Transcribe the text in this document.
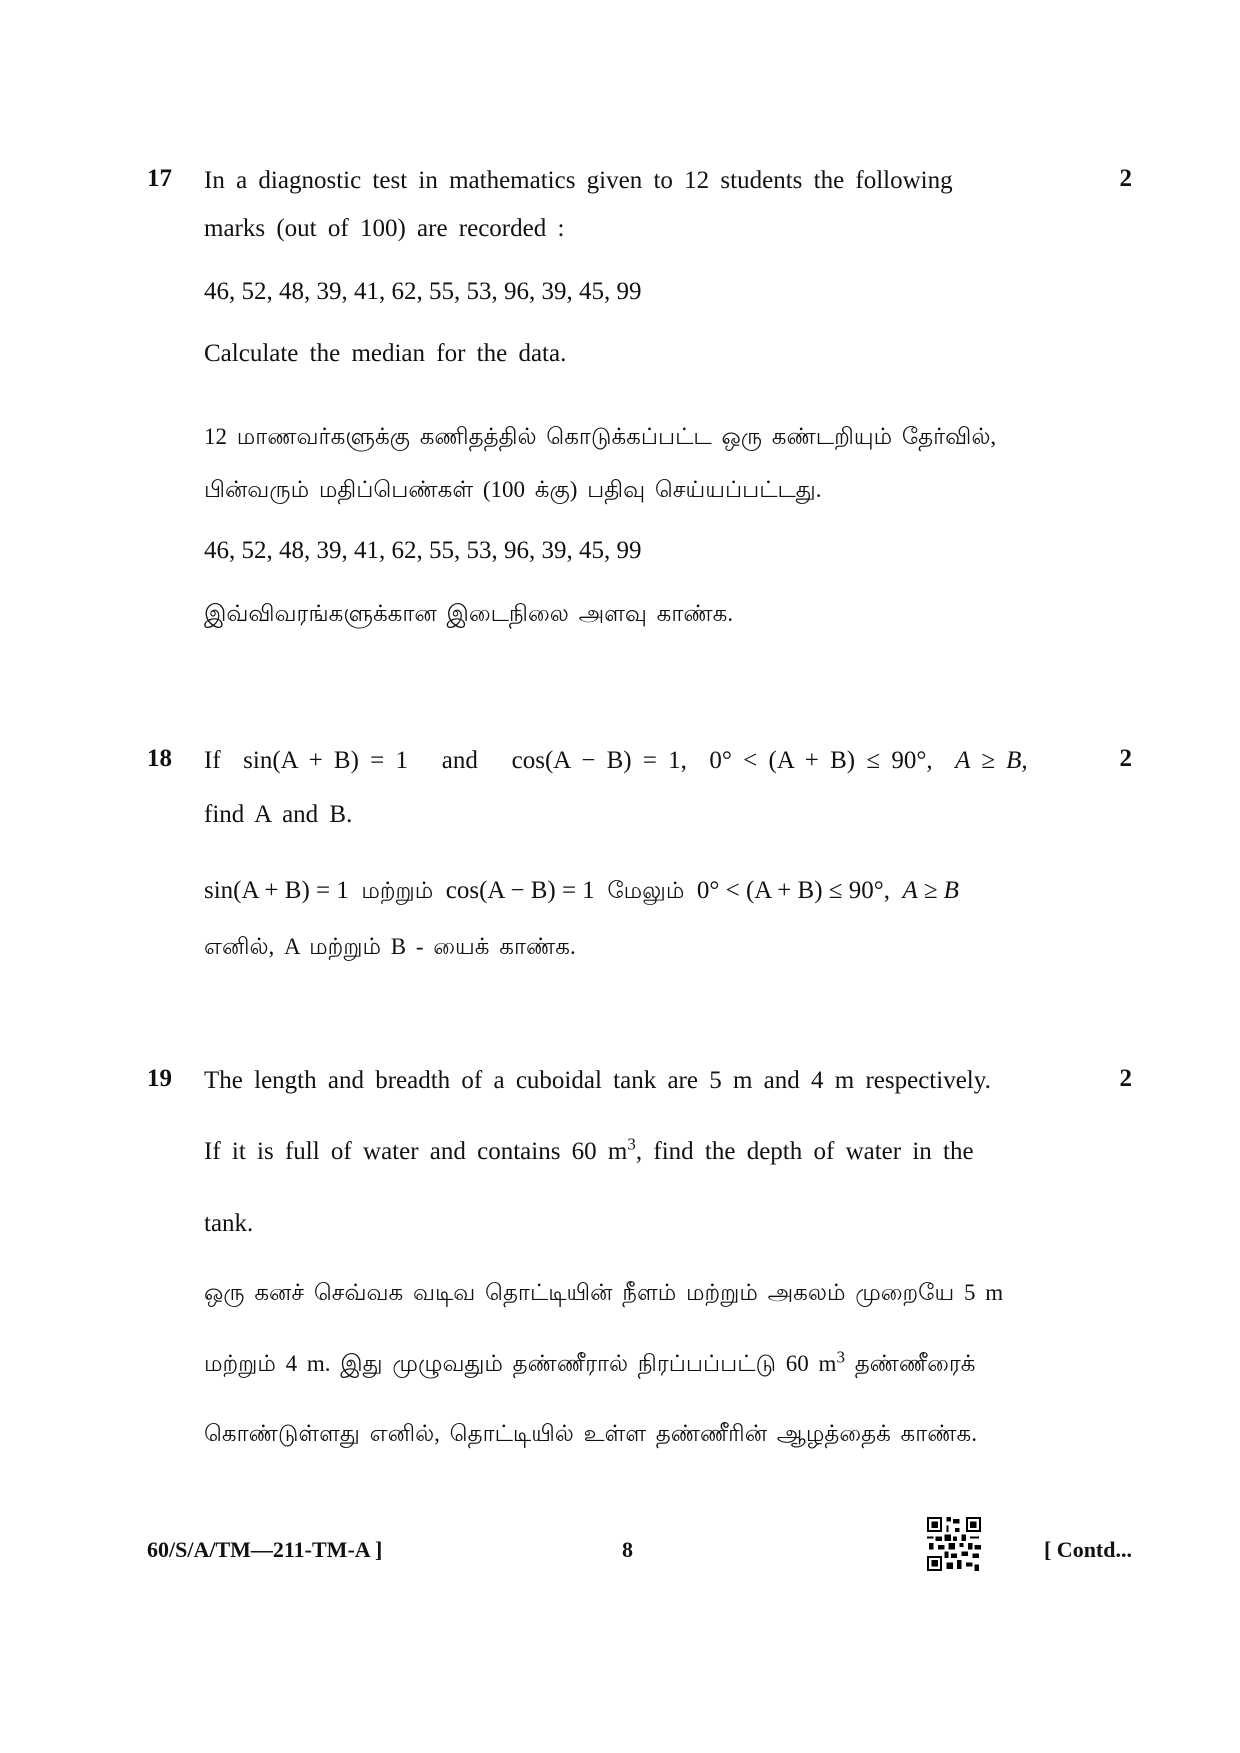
17	2
In a diagnostic test in mathematics given to 12 students the following
marks (out of 100) are recorded :
46, 52, 48, 39, 41, 62, 55, 53, 96, 39, 45, 99
Calculate the median for the data.
12 மாணவர்களுக்கு கணிதத்தில் கொடுக்கப்பட்ட ஒரு கண்டறியும் தேர்வில்,
பின்வரும் மதிப்பெண்கள் (100 க்கு) பதிவு செய்யப்பட்டது.
46, 52, 48, 39, 41, 62, 55, 53, 96, 39, 45, 99
இவ்விவரங்களுக்கான இடைநிலை அளவு காண்க.
18	2
If sin(A + B) = 1 and cos(A − B) = 1, 0° < (A + B) ≤ 90°, A ≥ B,
find A and B.
sin(A + B) = 1 மற்றும் cos(A − B) = 1 மேலும் 0° < (A + B) ≤ 90°, A ≥ B
எனில், A மற்றும் B - யைக் காண்க.
19	2
The length and breadth of a cuboidal tank are 5 m and 4 m respectively.
If it is full of water and contains 60 $m^3$, find the depth of water in the
tank.
ஒரு கனச் செவ்வக வடிவ தொட்டியின் நீளம் மற்றும் அகலம் முறையே 5 m
மற்றும் 4 m. இது முழுவதும் தண்ணீரால் நிரப்பப்பட்டு 60 $m^3$ தண்ணீரைக்
கொண்டுள்ளது எனில், தொட்டியில் உள்ள தண்ணீரின் ஆழத்தைக் காண்க.
60/S/A/TM—211-TM-A ]	8	[ Contd...
